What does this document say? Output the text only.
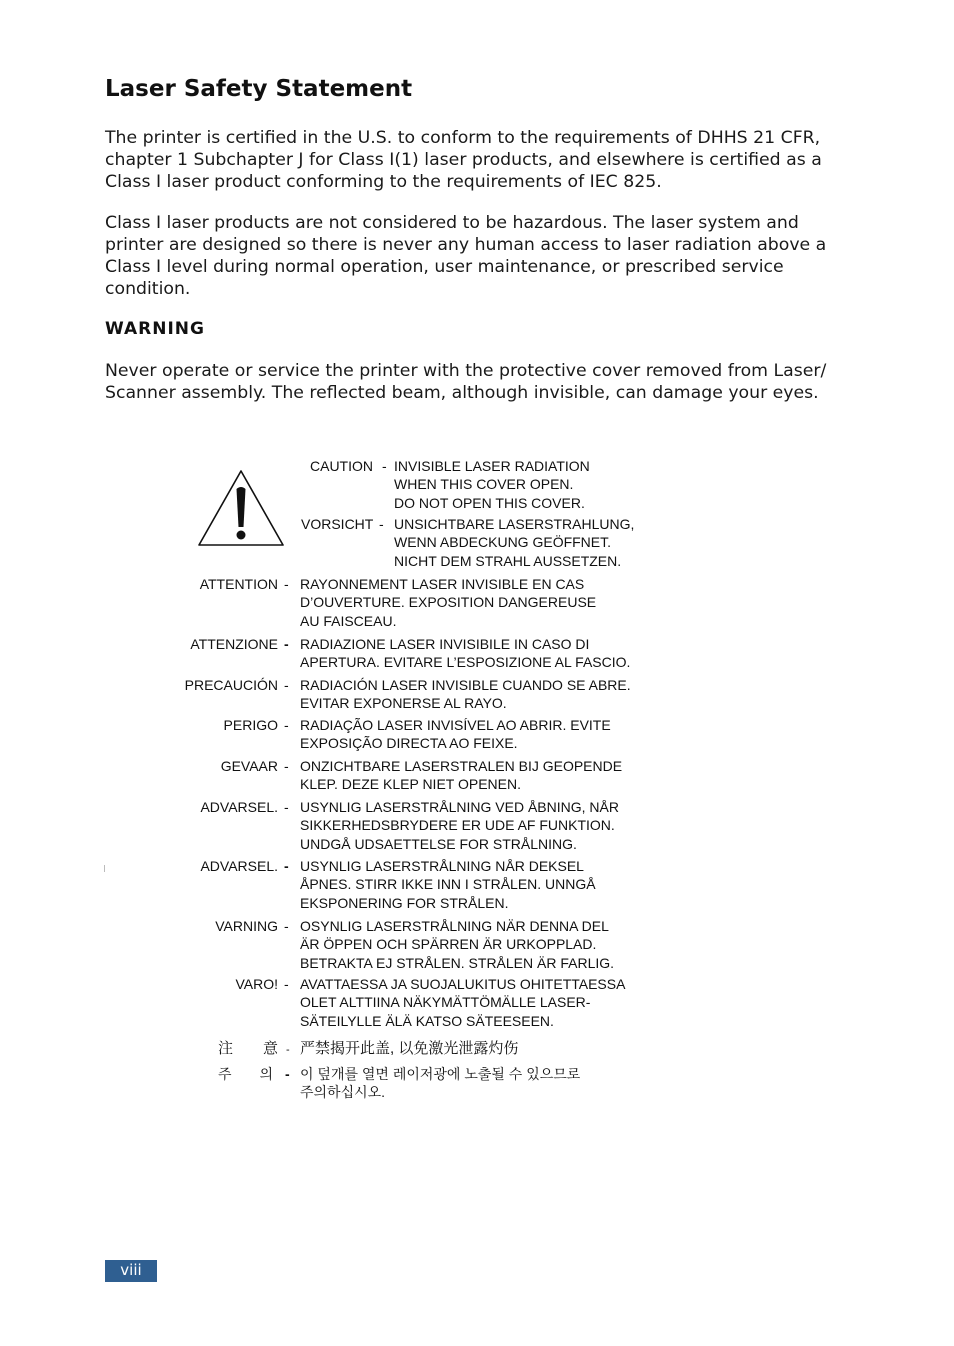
Laser Safety Statement
The printer is certified in the U.S. to conform to the requirements of DHHS 21 CFR,
chapter 1 Subchapter J for Class I(1) laser products, and elsewhere is certified as a
Class I laser product conforming to the requirements of IEC 825.
Class I laser products are not considered to be hazardous. The laser system and
printer are designed so there is never any human access to laser radiation above a
Class I level during normal operation, user maintenance, or prescribed service
condition.
WARNING
Never operate or service the printer with the protective cover removed from Laser/
Scanner assembly. The reflected beam, although invisible, can damage your eyes.
CAUTION - INVISIBLE LASER RADIATION
WHEN THIS COVER OPEN.
DO NOT OPEN THIS COVER.
VORSICHT - UNSICHTBARE LASERSTRAHLUNG,
WENN ABDECKUNG GEÖFFNET.
NICHT DEM STRAHL AUSSETZEN.
ATTENTION - RAYONNEMENT LASER INVISIBLE EN CAS
D’OUVERTURE. EXPOSITION DANGEREUSE
AU FAISCEAU.
ATTENZIONE - RADIAZIONE LASER INVISIBILE IN CASO DI
APERTURA. EVITARE L’ESPOSIZIONE AL FASCIO.
PRECAUCIÓN - RADIACIÓN LASER INVISIBLE CUANDO SE ABRE.
EVITAR EXPONERSE AL RAYO.
PERIGO - RADIAÇÃO LASER INVISÍVEL AO ABRIR. EVITE
EXPOSIÇÃO DIRECTA AO FEIXE.
GEVAAR - ONZICHTBARE LASERSTRALEN BIJ GEOPENDE
KLEP. DEZE KLEP NIET OPENEN.
ADVARSEL. - USYNLIG LASERSTRÅLNING VED ÅBNING, NÅR
SIKKERHEDSBRYDERE ER UDE AF FUNKTION.
UNDGÅ UDSAETTELSE FOR STRÅLNING.
ADVARSEL. - USYNLIG LASERSTRÅLNING NÅR DEKSEL
ÅPNES. STIRR IKKE INN I STRÅLEN. UNNGÅ
EKSPONERING FOR STRÅLEN.
VARNING - OSYNLIG LASERSTRÅLNING NÄR DENNA DEL
ÄR ÖPPEN OCH SPÄRREN ÄR URKOPPLAD.
BETRAKTA EJ STRÅLEN. STRÅLEN ÄR FARLIG.
VARO! - AVATTAESSA JA SUOJALUKITUS OHITETTAESSA
OLET ALTTIINA NÄKYMÄTTÖMÄLLE LASER-
SÄTEILYLLE ÄLÄ KATSO SÄTEESEEN.
注　　意 - 严禁揭开此盖, 以免激光泄露灼伤
주　　의 - 이 덮개를 열면 레이저광에 노출될 수 있으므로
주의하십시오.
viii
